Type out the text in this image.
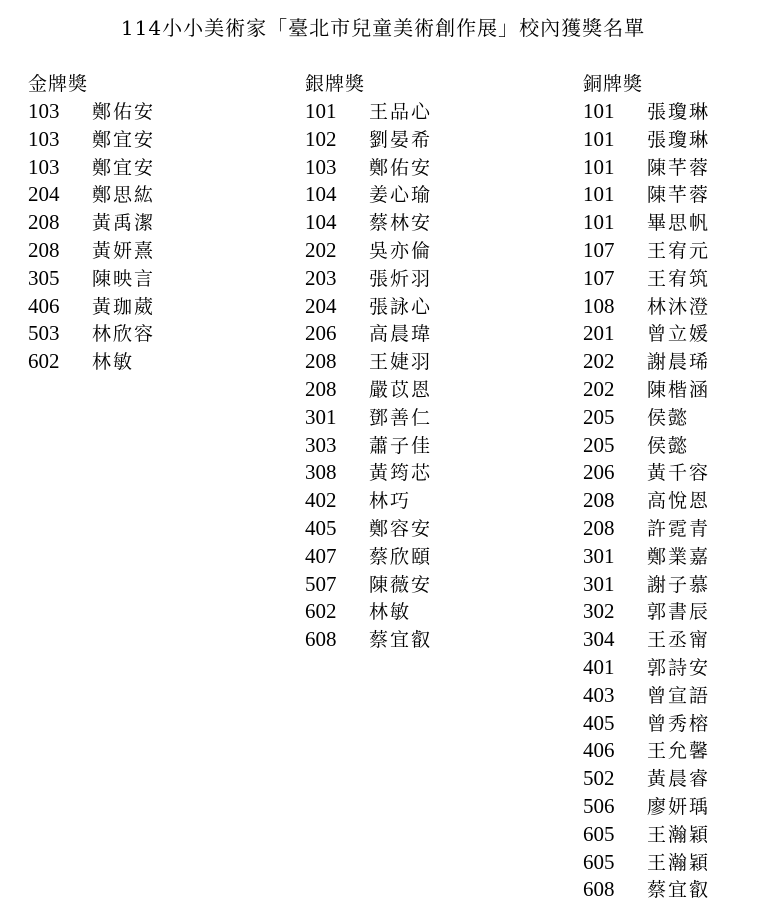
114小小美術家「臺北市兒童美術創作展」校內獲獎名單
金牌獎
103 鄭佑安
103 鄭宜安
103 鄭宜安
204 鄭思紘
208 黃禹潔
208 黃妍熹
305 陳映言
406 黃珈葳
503 林欣容
602 林敏
銀牌獎
101 王品心
102 劉晏希
103 鄭佑安
104 姜心瑜
104 蔡林安
202 吳亦倫
203 張炘羽
204 張詠心
206 高晨瑋
208 王婕羽
208 嚴苡恩
301 鄧善仁
303 蕭子佳
308 黃筠芯
402 林巧
405 鄭容安
407 蔡欣頤
507 陳薇安
602 林敏
608 蔡宜叡
銅牌獎
101 張瓊琳
101 張瓊琳
101 陳芊蓉
101 陳芊蓉
101 畢思帆
107 王宥元
107 王宥筑
108 林沐澄
201 曾立媛
202 謝晨琋
202 陳楷涵
205 侯懿
205 侯懿
206 黃千容
208 高悅恩
208 許霓青
301 鄭業嘉
301 謝子慕
302 郭書辰
304 王丞甯
401 郭詩安
403 曾宣語
405 曾秀榕
406 王允馨
502 黃晨睿
506 廖妍瑀
605 王瀚穎
605 王瀚穎
608 蔡宜叡
